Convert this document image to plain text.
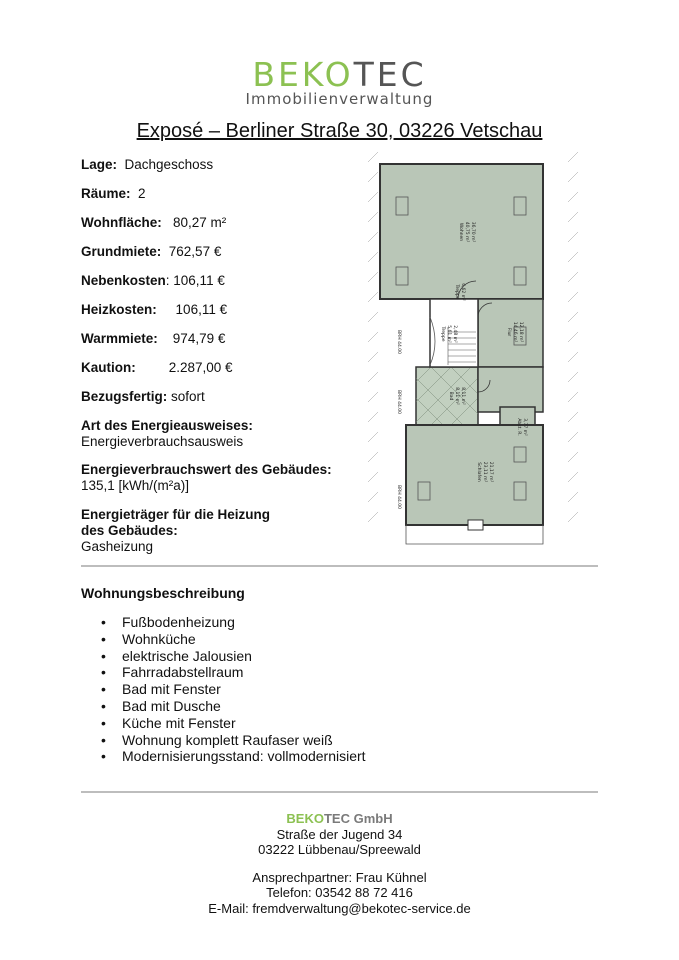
BEKOTEC
Immobilienverwaltung
Exposé – Berliner Straße 30, 03226 Vetschau
Lage: Dachgeschoss
Räume: 2
Wohnfläche: 80,27 m²
Grundmiete: 762,57 €
Nebenkosten: 106,11 €
Heizkosten: 106,11 €
Warmmiete: 974,79 €
Kaution: 2.287,00 €
Bezugsfertig: sofort
Art des Energieausweises:
Energieverbrauchsausweis
Energieverbrauchswert des Gebäudes:
135,1 [kWh/(m²a)]
Energieträger für die Heizung
des Gebäudes:
Gasheizung
Wohnen 40,75 m² 36,70 m²
Treppe 6,62 m²
Treppe 5,61 m² 2,48 m²	Flur 14,46 m² 12,18 m²
Bad 8,11 m² 8,11 m²
Abst. R. 3,77 m²
Schlafen 23,11 m² 21,17 m²
BRH 44.00
BRH 44.00
BRH 44.00
Wohnungsbeschreibung
• Fußbodenheizung
• Wohnküche
• elektrische Jalousien
• Fahrradabstellraum
• Bad mit Fenster
• Bad mit Dusche
• Küche mit Fenster
• Wohnung komplett Raufaser weiß
• Modernisierungsstand: vollmodernisiert
BEKOTEC GmbH
Straße der Jugend 34
03222 Lübbenau/Spreewald
Ansprechpartner: Frau Kühnel
Telefon: 03542 88 72 416
E-Mail: fremdverwaltung@bekotec-service.de
